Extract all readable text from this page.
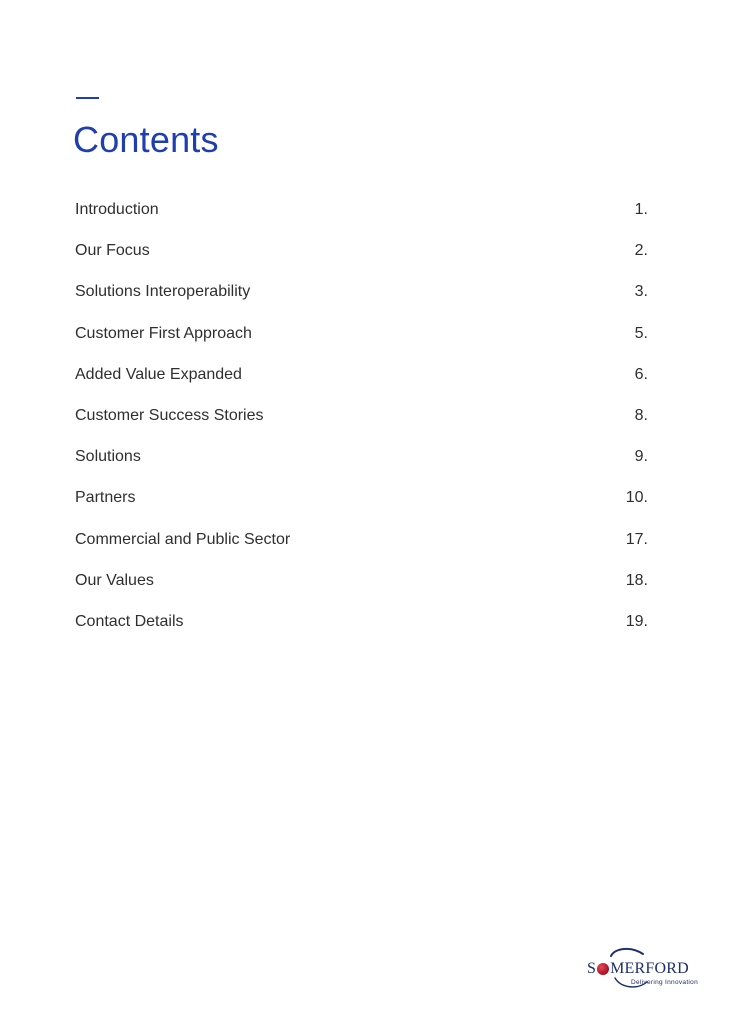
Contents
Introduction	1.
Our Focus	2.
Solutions Interoperability	3.
Customer First Approach	5.
Added Value Expanded	6.
Customer Success Stories	8.
Solutions	9.
Partners	10.
Commercial and Public Sector	17.
Our Values	18.
Contact Details	19.
S MERFORD
Delivering Innovation
